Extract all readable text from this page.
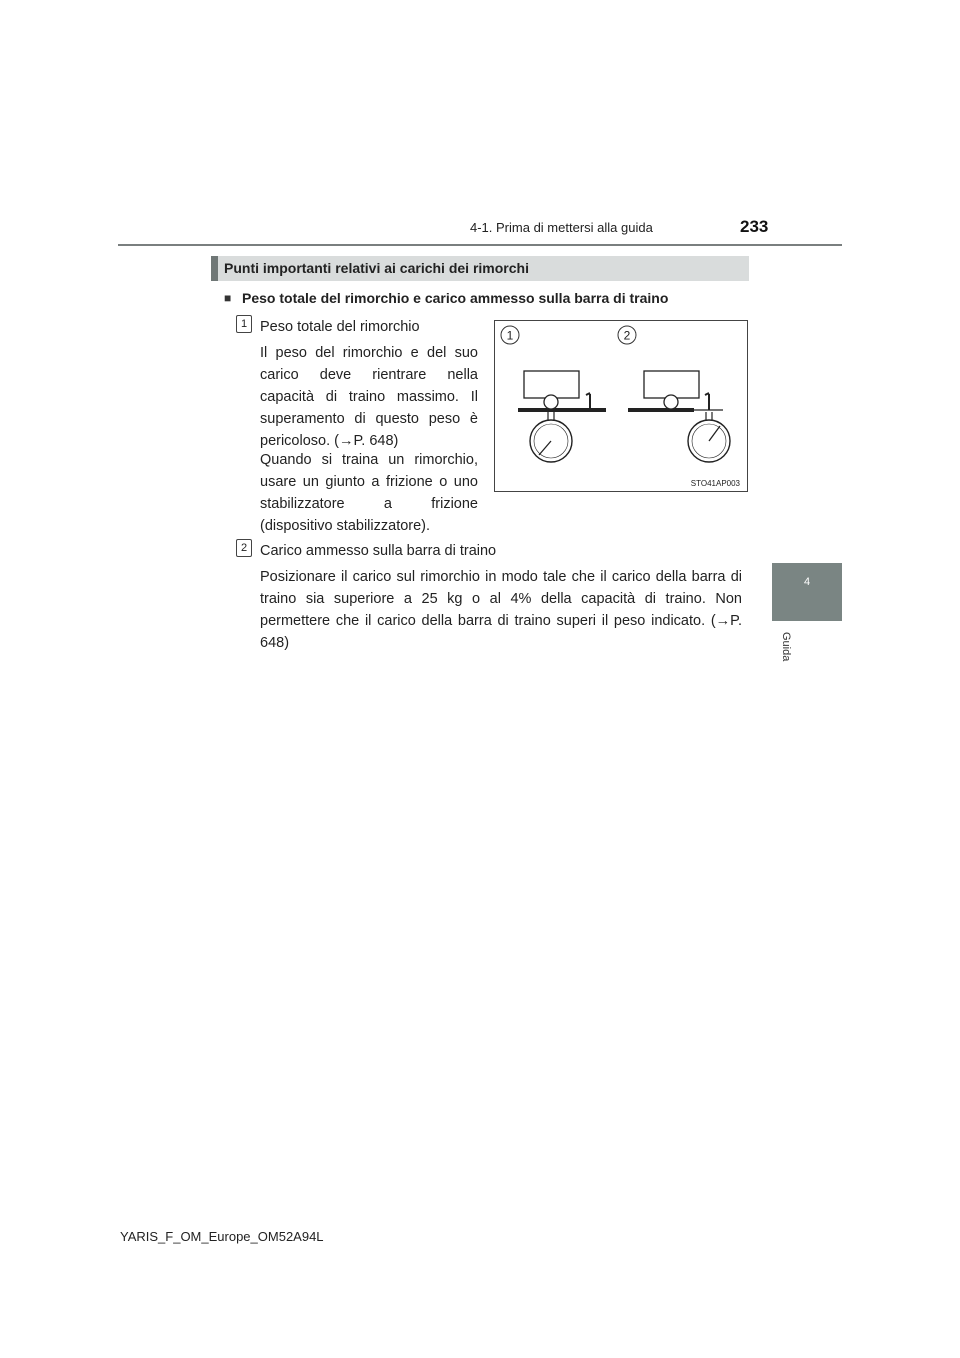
4-1. Prima di mettersi alla guida	233
4
Guida
Punti importanti relativi ai carichi dei rimorchi
■ Peso totale del rimorchio e carico ammesso sulla barra di traino
1 Peso totale del rimorchio
Il peso del rimorchio e del suo carico deve rientrare nella capacità di traino massimo. Il superamento di questo peso è pericoloso. (→P. 648)
Quando si traina un rimorchio, usare un giunto a frizione o uno stabilizzatore a frizione (dispositivo stabilizzatore).
2 Carico ammesso sulla barra di traino
Posizionare il carico sul rimorchio in modo tale che il carico della barra di traino sia superiore a 25 kg o al 4% della capacità di traino. Non permettere che il carico della barra di traino superi il peso indicato. (→P. 648)
1	2
STO41AP003
YARIS_F_OM_Europe_OM52A94L
